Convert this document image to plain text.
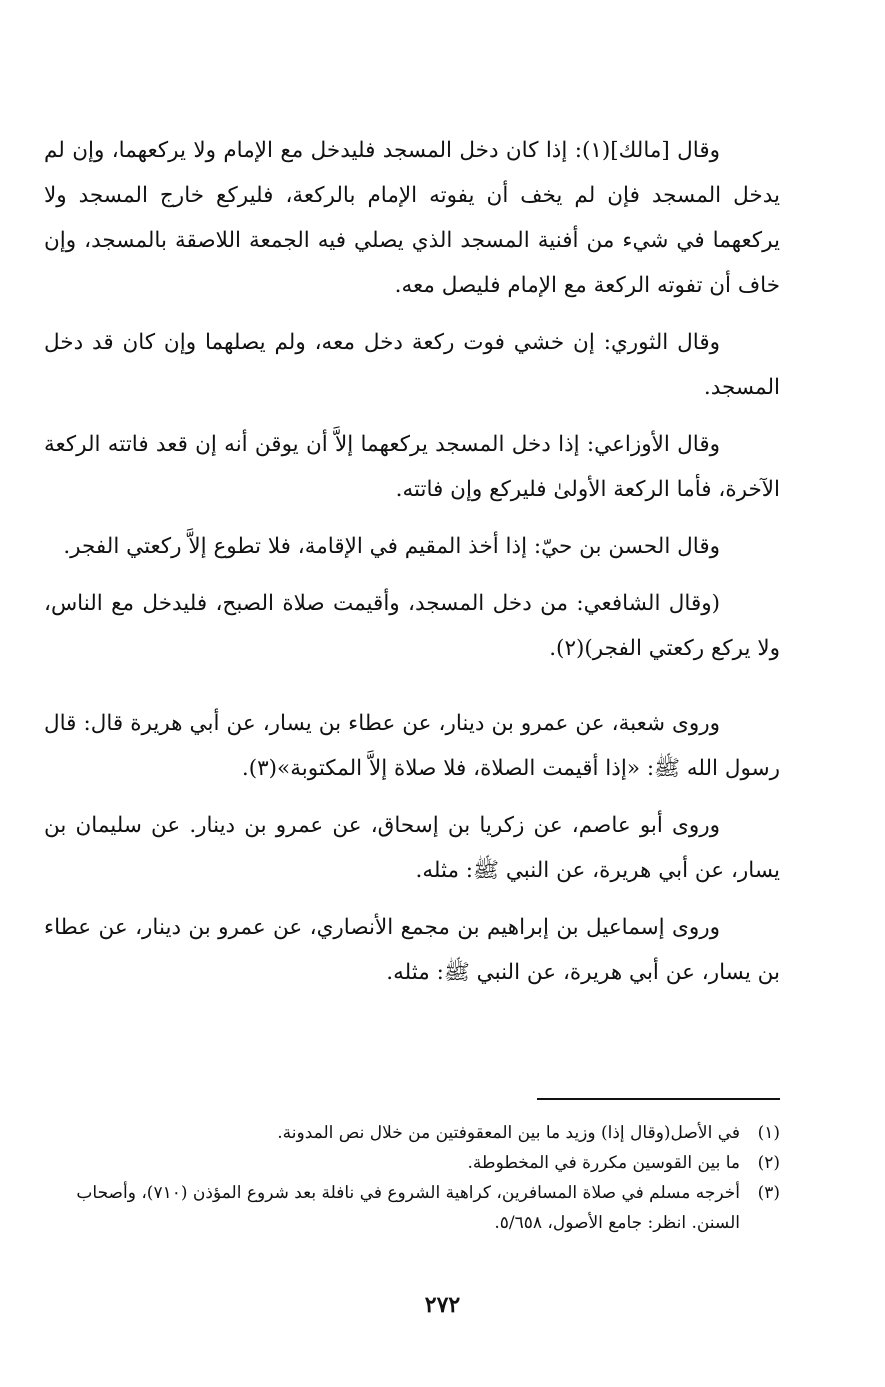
وقال [مالك](١): إذا كان دخل المسجد فليدخل مع الإمام ولا يركعهما، وإن لم يدخل المسجد فإن لم يخف أن يفوته الإمام بالركعة، فليركع خارج المسجد ولا يركعهما في شيء من أفنية المسجد الذي يصلي فيه الجمعة اللاصقة بالمسجد، وإن خاف أن تفوته الركعة مع الإمام فليصل معه.

وقال الثوري: إن خشي فوت ركعة دخل معه، ولم يصلهما وإن كان قد دخل المسجد.

وقال الأوزاعي: إذا دخل المسجد يركعهما إلاَّ أن يوقن أنه إن قعد فاتته الركعة الآخرة، فأما الركعة الأولىٰ فليركع وإن فاتته.

وقال الحسن بن حيّ: إذا أخذ المقيم في الإقامة، فلا تطوع إلاَّ ركعتي الفجر.

(وقال الشافعي: من دخل المسجد، وأقيمت صلاة الصبح، فليدخل مع الناس، ولا يركع ركعتي الفجر)(٢).

وروى شعبة، عن عمرو بن دينار، عن عطاء بن يسار، عن أبي هريرة قال: قال رسول الله ﷺ: «إذا أقيمت الصلاة، فلا صلاة إلاَّ المكتوبة»(٣).

وروى أبو عاصم، عن زكريا بن إسحاق، عن عمرو بن دينار. عن سليمان بن يسار، عن أبي هريرة، عن النبي ﷺ: مثله.

وروى إسماعيل بن إبراهيم بن مجمع الأنصاري، عن عمرو بن دينار، عن عطاء بن يسار، عن أبي هريرة، عن النبي ﷺ: مثله.

(١)
في الأصل(وقال إذا) وزيد ما بين المعقوفتين من خلال نص المدونة.
(٢)
ما بين القوسين مكررة في المخطوطة.
(٣)
أخرجه مسلم في صلاة المسافرين، كراهية الشروع في نافلة بعد شروع المؤذن (٧١٠)، وأصحاب السنن. انظر: جامع الأصول، ٥/٦٥٨.
٢٧٢
